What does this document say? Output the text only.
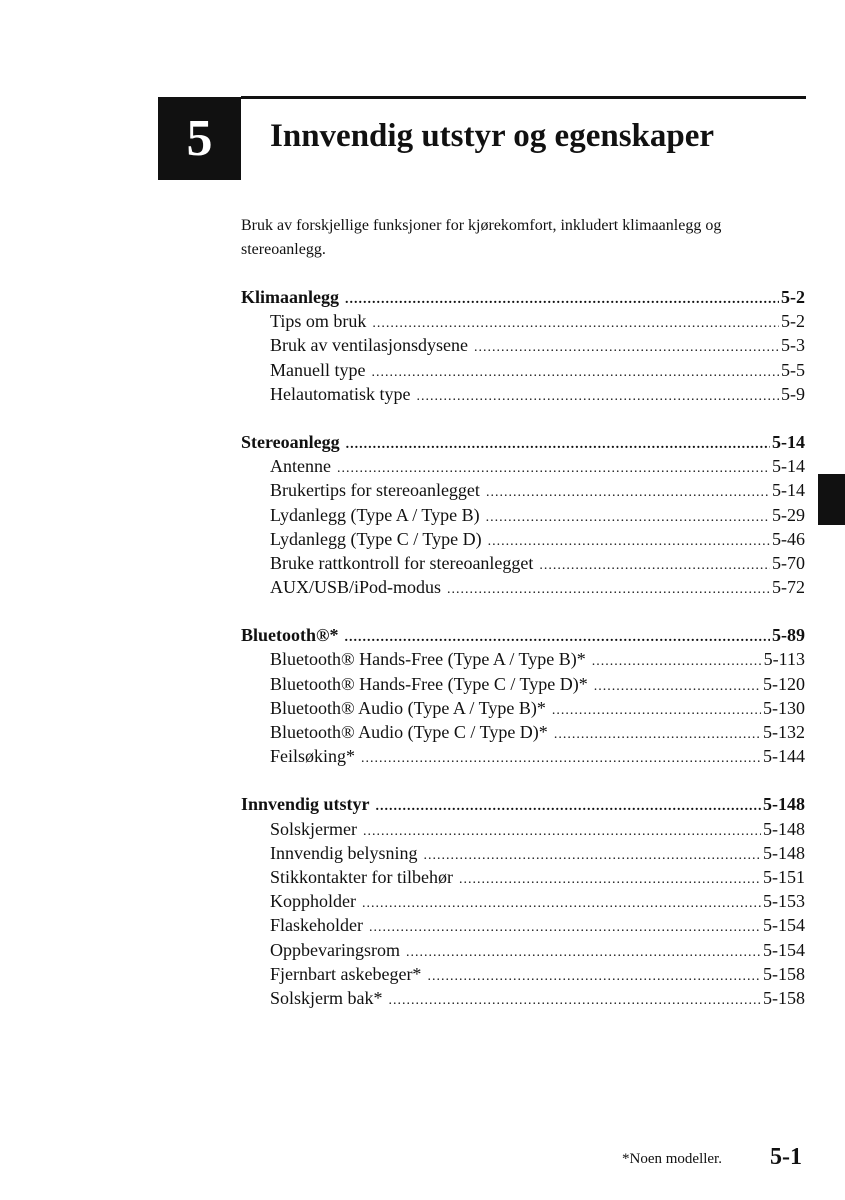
5 Innvendig utstyr og egenskaper
Bruk av forskjellige funksjoner for kjørekomfort, inkludert klimaanlegg og stereoanlegg.
Klimaanlegg .....	5-2
Tips om bruk .....	5-2
Bruk av ventilasjonsdysene .....	5-3
Manuell type .....	5-5
Helautomatisk type .....	5-9
Stereoanlegg .....	5-14
Antenne .....	5-14
Brukertips for stereoanlegget .....	5-14
Lydanlegg (Type A / Type B) .....	5-29
Lydanlegg (Type C / Type D) .....	5-46
Bruke rattkontroll for stereoanlegget .....	5-70
AUX/USB/iPod-modus .....	5-72
Bluetooth®* .....	5-89
Bluetooth® Hands-Free (Type A / Type B)* .....	5-113
Bluetooth® Hands-Free (Type C / Type D)* .....	5-120
Bluetooth® Audio (Type A / Type B)* .....	5-130
Bluetooth® Audio (Type C / Type D)* .....	5-132
Feilsøking* .....	5-144
Innvendig utstyr .....	5-148
Solskjermer .....	5-148
Innvendig belysning .....	5-148
Stikkontakter for tilbehør .....	5-151
Koppholder .....	5-153
Flaskeholder .....	5-154
Oppbevaringsrom .....	5-154
Fjernbart askebeger* .....	5-158
Solskjerm bak* .....	5-158
*Noen modeller. 5-1
